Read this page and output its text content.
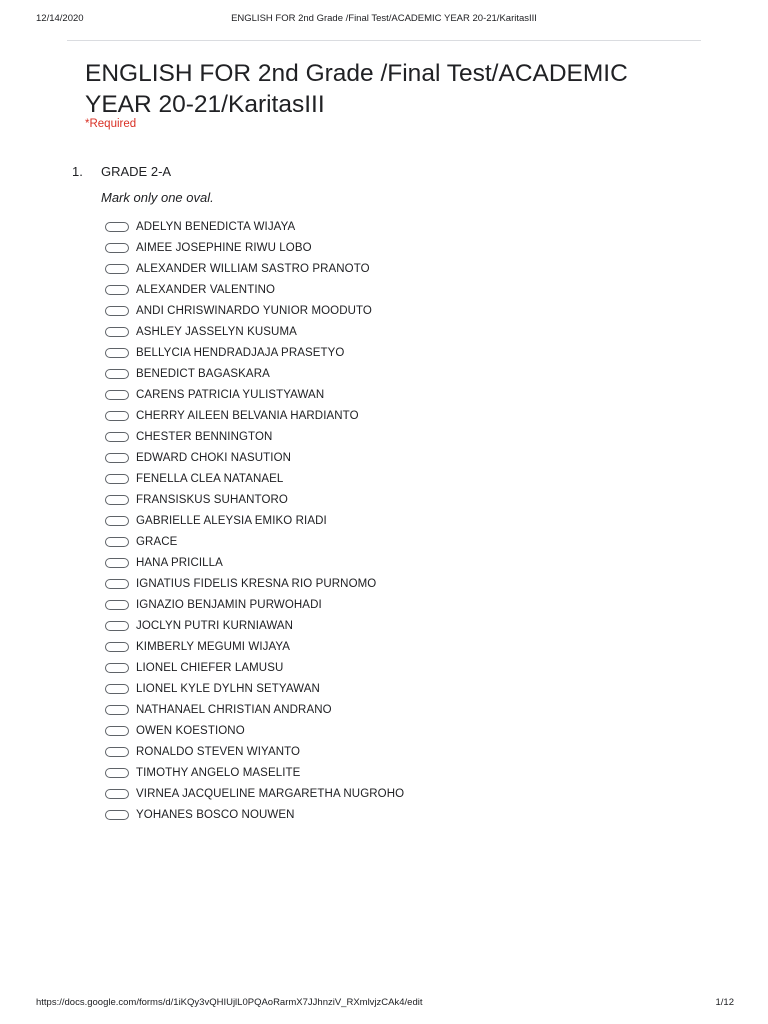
12/14/2020	ENGLISH FOR 2nd Grade /Final Test/ACADEMIC YEAR 20-21/KaritasIII
ENGLISH FOR 2nd Grade /Final Test/ACADEMIC YEAR 20-21/KaritasIII
*Required
1. GRADE 2-A
Mark only one oval.
ADELYN BENEDICTA WIJAYA
AIMEE JOSEPHINE RIWU LOBO
ALEXANDER WILLIAM SASTRO PRANOTO
ALEXANDER VALENTINO
ANDI CHRISWINARDO YUNIOR MOODUTO
ASHLEY JASSELYN KUSUMA
BELLYCIA HENDRADJAJA PRASETYO
BENEDICT BAGASKARA
CARENS PATRICIA YULISTYAWAN
CHERRY AILEEN BELVANIA HARDIANTO
CHESTER BENNINGTON
EDWARD CHOKI NASUTION
FENELLA CLEA NATANAEL
FRANSISKUS SUHANTORO
GABRIELLE ALEYSIA EMIKO RIADI
GRACE
HANA PRICILLA
IGNATIUS FIDELIS KRESNA RIO PURNOMO
IGNAZIO BENJAMIN PURWOHADI
JOCLYN PUTRI KURNIAWAN
KIMBERLY MEGUMI WIJAYA
LIONEL CHIEFER LAMUSU
LIONEL KYLE DYLHN SETYAWAN
NATHANAEL CHRISTIAN ANDRANO
OWEN KOESTIONO
RONALDO STEVEN WIYANTO
TIMOTHY ANGELO MASELITE
VIRNEA JACQUELINE MARGARETHA NUGROHO
YOHANES BOSCO NOUWEN
https://docs.google.com/forms/d/1iKQy3vQHIUjlL0PQAoRarmX7JJhnziV_RXmlvjzCAk4/edit	1/12
